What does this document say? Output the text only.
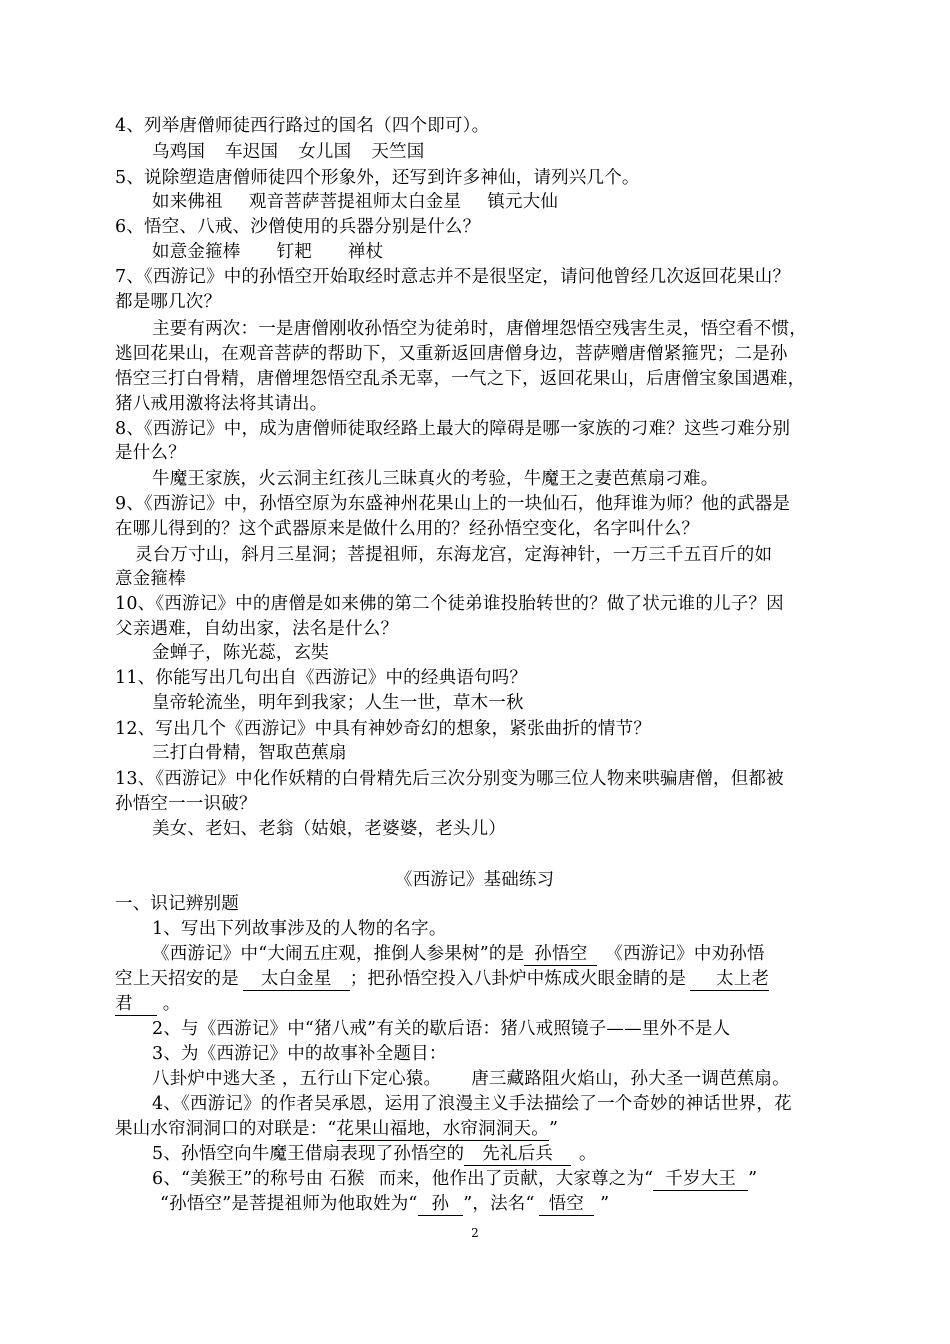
4、列举唐僧师徒西行路过的国名（四个即可）。
乌鸡国 车迟国 女儿国 天竺国
5、说除塑造唐僧师徒四个形象外，还写到许多神仙，请列兴几个。
如来佛祖 观音菩萨菩提祖师太白金星 镇元大仙
6、悟空、八戒、沙僧使用的兵器分别是什么？
如意金箍棒 钉耙 禅杖
7、《西游记》中的孙悟空开始取经时意志并不是很坚定，请问他曾经几次返回花果山？
都是哪几次？
主要有两次：一是唐僧刚收孙悟空为徒弟时，唐僧埋怨悟空残害生灵，悟空看不惯，
逃回花果山，在观音菩萨的帮助下，又重新返回唐僧身边，菩萨赠唐僧紧箍咒；二是孙
悟空三打白骨精，唐僧埋怨悟空乱杀无辜，一气之下，返回花果山，后唐僧宝象国遇难，
猪八戒用激将法将其请出。
8、《西游记》中，成为唐僧师徒取经路上最大的障碍是哪一家族的刁难？这些刁难分别
是什么？
牛魔王家族，火云洞主红孩儿三昧真火的考验，牛魔王之妻芭蕉扇刁难。
9、《西游记》中，孙悟空原为东盛神州花果山上的一块仙石，他拜谁为师？他的武器是
在哪儿得到的？这个武器原来是做什么用的？经孙悟空变化，名字叫什么？
灵台万寸山，斜月三星洞；菩提祖师，东海龙宫，定海神针，一万三千五百斤的如
意金箍棒
10、《西游记》中的唐僧是如来佛的第二个徒弟谁投胎转世的？做了状元谁的儿子？因
父亲遇难，自幼出家，法名是什么？
金蝉子，陈光蕊，玄奘
11、你能写出几句出自《西游记》中的经典语句吗？
皇帝轮流坐，明年到我家；人生一世，草木一秋
12、写出几个《西游记》中具有神妙奇幻的想象，紧张曲折的情节？
三打白骨精，智取芭蕉扇
13、《西游记》中化作妖精的白骨精先后三次分别变为哪三位人物来哄骗唐僧，但都被
孙悟空一一识破？
美女、老妇、老翁（姑娘，老婆婆，老头儿）
《西游记》基础练习
一、识记辨别题
1、写出下列故事涉及的人物的名字。
《西游记》中“大闹五庄观，推倒人参果树”的是 孙悟空 《西游记》中劝孙悟
空上天招安的是 太白金星 ；把孙悟空投入八卦炉中炼成火眼金睛的是 太上老
君 。
2、与《西游记》中“猪八戒”有关的歇后语：猪八戒照镜子——里外不是人
3、为《西游记》中的故事补全题目：
八卦炉中逃大圣 ，五行山下定心猿。 唐三藏路阻火焰山，孙大圣一调芭蕉扇。
4、《西游记》的作者吴承恩，运用了浪漫主义手法描绘了一个奇妙的神话世界，花
果山水帘洞洞口的对联是：“花果山福地，水帘洞洞天。”
5、孙悟空向牛魔王借扇表现了孙悟空的 先礼后兵 。
6、“美猴王”的称号由 石猴 而来，他作出了贡献，大家尊之为“ 千岁大王 ”
“孙悟空”是菩提祖师为他取姓为“ 孙 ”，法名“ 悟空 ”
2
